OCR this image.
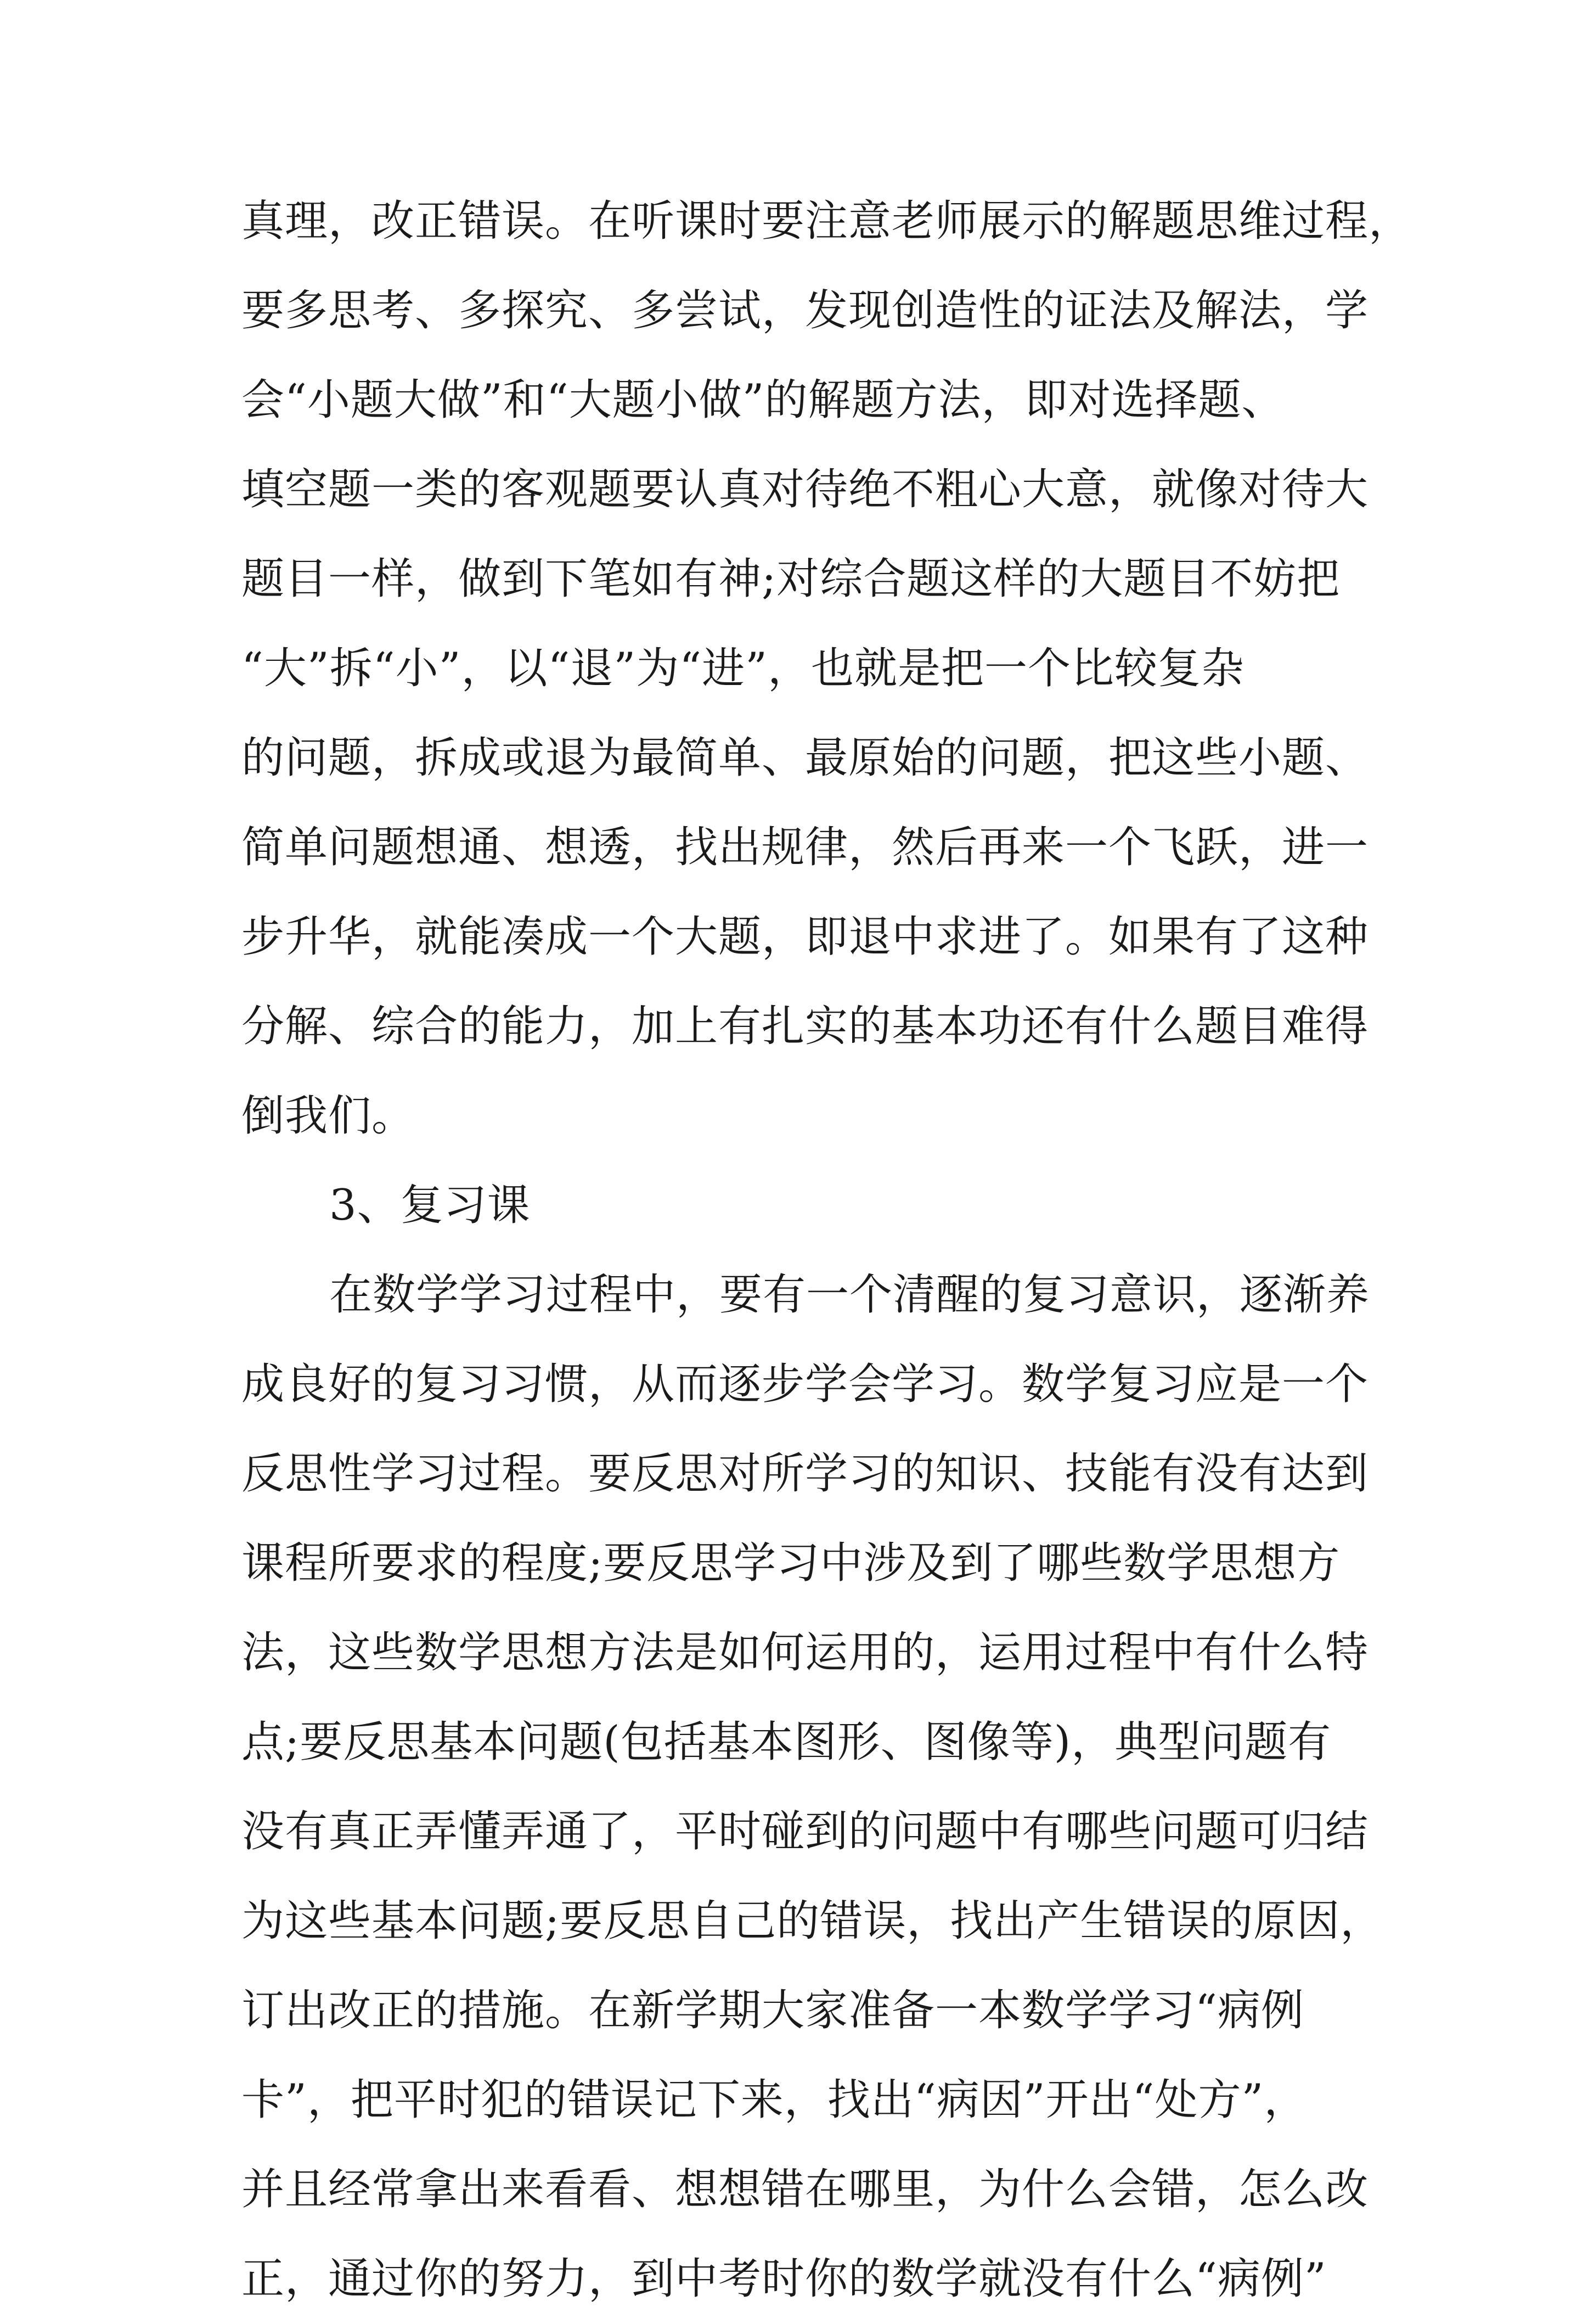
真理，改正错误。在听课时要注意老师展示的解题思维过程，
要多思考、多探究、多尝试，发现创造性的证法及解法，学
会“小题大做”和“大题小做”的解题方法，即对选择题、
填空题一类的客观题要认真对待绝不粗心大意，就像对待大
题目一样，做到下笔如有神;对综合题这样的大题目不妨把
“大”拆“小”，以“退”为“进”，也就是把一个比较复杂
的问题，拆成或退为最简单、最原始的问题，把这些小题、
简单问题想通、想透，找出规律，然后再来一个飞跃，进一
步升华，就能凑成一个大题，即退中求进了。如果有了这种
分解、综合的能力，加上有扎实的基本功还有什么题目难得
倒我们。
3、复习课
在数学学习过程中，要有一个清醒的复习意识，逐渐养
成良好的复习习惯，从而逐步学会学习。数学复习应是一个
反思性学习过程。要反思对所学习的知识、技能有没有达到
课程所要求的程度;要反思学习中涉及到了哪些数学思想方
法，这些数学思想方法是如何运用的，运用过程中有什么特
点;要反思基本问题(包括基本图形、图像等)，典型问题有
没有真正弄懂弄通了，平时碰到的问题中有哪些问题可归结
为这些基本问题;要反思自己的错误，找出产生错误的原因，
订出改正的措施。在新学期大家准备一本数学学习“病例
卡”，把平时犯的错误记下来，找出“病因”开出“处方”，
并且经常拿出来看看、想想错在哪里，为什么会错，怎么改
正，通过你的努力，到中考时你的数学就没有什么“病例”
